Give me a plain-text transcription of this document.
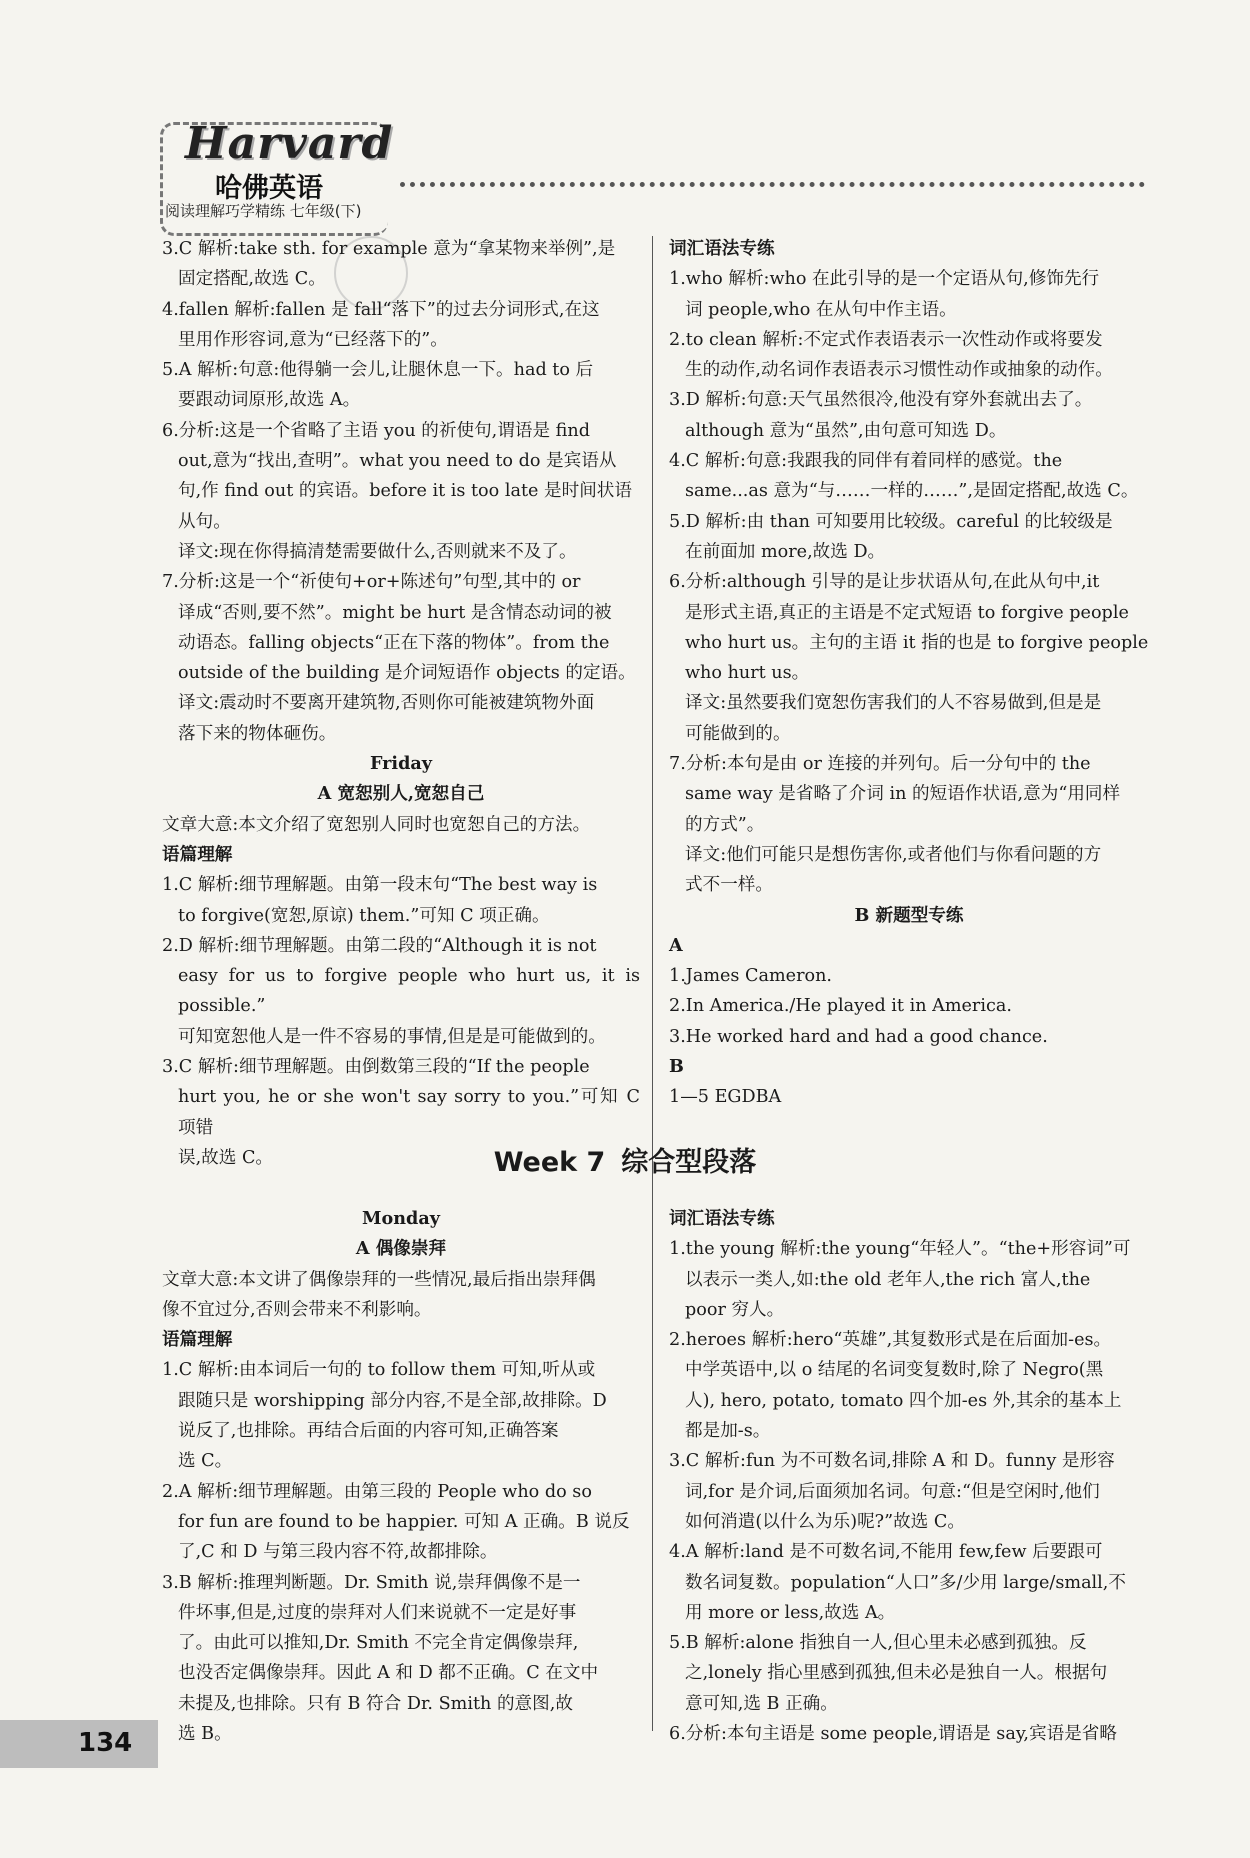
Harvard
哈佛英语
阅读理解巧学精练 七年级(下)

3.C 解析:take sth. for example 意为“拿某物来举例”,是

固定搭配,故选 C。

4.fallen 解析:fallen 是 fall“落下”的过去分词形式,在这

里用作形容词,意为“已经落下的”。

5.A 解析:句意:他得躺一会儿,让腿休息一下。had to 后

要跟动词原形,故选 A。

6.分析:这是一个省略了主语 you 的祈使句,谓语是 find

out,意为“找出,查明”。what you need to do 是宾语从

句,作 find out 的宾语。before it is too late 是时间状语

从句。

译文:现在你得搞清楚需要做什么,否则就来不及了。

7.分析:这是一个“祈使句+or+陈述句”句型,其中的 or

译成“否则,要不然”。might be hurt 是含情态动词的被

动语态。falling objects“正在下落的物体”。from the

outside of the building 是介词短语作 objects 的定语。

译文:震动时不要离开建筑物,否则你可能被建筑物外面

落下来的物体砸伤。

Friday

A 宽恕别人,宽恕自己

文章大意:本文介绍了宽恕别人同时也宽恕自己的方法。

语篇理解

1.C 解析:细节理解题。由第一段末句“The best way is

to forgive(宽恕,原谅) them.”可知 C 项正确。

2.D 解析:细节理解题。由第二段的“Although it is not

easy for us to forgive people who hurt us, it is possible.”

可知宽恕他人是一件不容易的事情,但是是可能做到的。

3.C 解析:细节理解题。由倒数第三段的“If the people

hurt you, he or she won't say sorry to you.”可知 C 项错

误,故选 C。

词汇语法专练

1.who 解析:who 在此引导的是一个定语从句,修饰先行

词 people,who 在从句中作主语。

2.to clean 解析:不定式作表语表示一次性动作或将要发

生的动作,动名词作表语表示习惯性动作或抽象的动作。

3.D 解析:句意:天气虽然很冷,他没有穿外套就出去了。

although 意为“虽然”,由句意可知选 D。

4.C 解析:句意:我跟我的同伴有着同样的感觉。the

same...as 意为“与……一样的……”,是固定搭配,故选 C。

5.D 解析:由 than 可知要用比较级。careful 的比较级是

在前面加 more,故选 D。

6.分析:although 引导的是让步状语从句,在此从句中,it

是形式主语,真正的主语是不定式短语 to forgive people

who hurt us。主句的主语 it 指的也是 to forgive people

who hurt us。

译文:虽然要我们宽恕伤害我们的人不容易做到,但是是

可能做到的。

7.分析:本句是由 or 连接的并列句。后一分句中的 the

same way 是省略了介词 in 的短语作状语,意为“用同样

的方式”。

译文:他们可能只是想伤害你,或者他们与你看问题的方

式不一样。

B 新题型专练

A

1.James Cameron.

2.In America./He played it in America.

3.He worked hard and had a good chance.

B

1—5 EGDBA

Week 7 综合型段落

Monday

A 偶像崇拜

文章大意:本文讲了偶像崇拜的一些情况,最后指出崇拜偶

像不宜过分,否则会带来不利影响。

语篇理解

1.C 解析:由本词后一句的 to follow them 可知,听从或

跟随只是 worshipping 部分内容,不是全部,故排除。D

说反了,也排除。再结合后面的内容可知,正确答案

选 C。

2.A 解析:细节理解题。由第三段的 People who do so

for fun are found to be happier. 可知 A 正确。B 说反

了,C 和 D 与第三段内容不符,故都排除。

3.B 解析:推理判断题。Dr. Smith 说,崇拜偶像不是一

件坏事,但是,过度的崇拜对人们来说就不一定是好事

了。由此可以推知,Dr. Smith 不完全肯定偶像崇拜,

也没否定偶像崇拜。因此 A 和 D 都不正确。C 在文中

未提及,也排除。只有 B 符合 Dr. Smith 的意图,故

选 B。

词汇语法专练

1.the young 解析:the young“年轻人”。“the+形容词”可

以表示一类人,如:the old 老年人,the rich 富人,the

poor 穷人。

2.heroes 解析:hero“英雄”,其复数形式是在后面加-es。

中学英语中,以 o 结尾的名词变复数时,除了 Negro(黑

人), hero, potato, tomato 四个加-es 外,其余的基本上

都是加-s。

3.C 解析:fun 为不可数名词,排除 A 和 D。funny 是形容

词,for 是介词,后面须加名词。句意:“但是空闲时,他们

如何消遣(以什么为乐)呢?”故选 C。

4.A 解析:land 是不可数名词,不能用 few,few 后要跟可

数名词复数。population“人口”多/少用 large/small,不

用 more or less,故选 A。

5.B 解析:alone 指独自一人,但心里未必感到孤独。反

之,lonely 指心里感到孤独,但未必是独自一人。根据句

意可知,选 B 正确。

6.分析:本句主语是 some people,谓语是 say,宾语是省略

134
